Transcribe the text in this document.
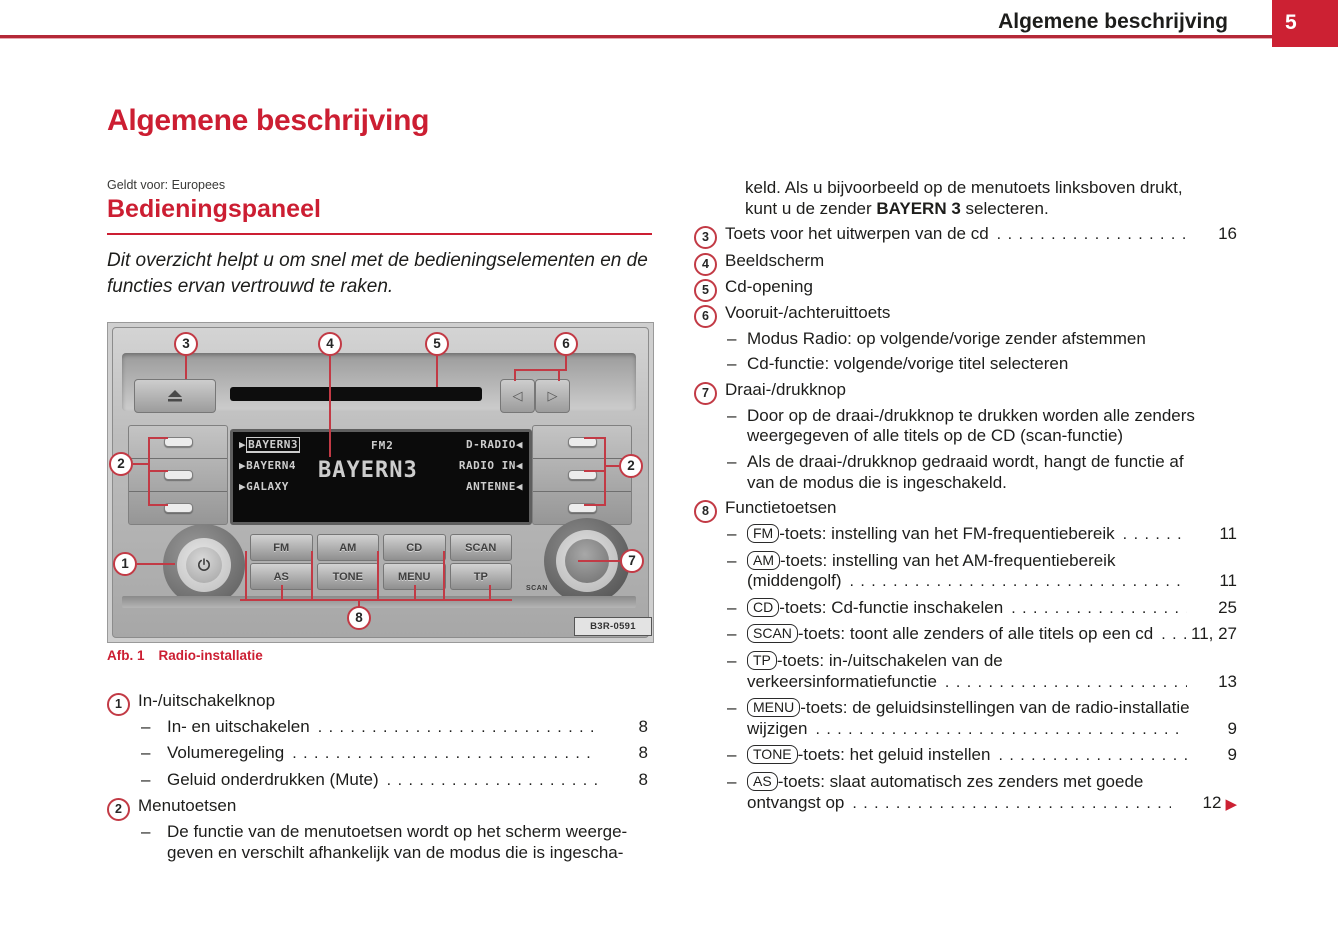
Algemene beschrijving	5
Algemene beschrijving
Geldt voor: Europees
Bedieningspaneel
Dit overzicht helpt u om snel met de bedieningselementen en de functies ervan vertrouwd te raken.
◁ ▷
▶ BAYERN3
▶BAYERN4
▶GALAXY
FM2
BAYERN3
D-RADIO◀
RADIO IN◀
ANTENNE◀
SCAN
FM	AM	CD	SCAN
AS	TONE	MENU	TP
B3R-0591
3	4	5	6
2	2
1	7
8
Afb. 1 Radio-installatie
1 In-/uitschakelknop
– In- en uitschakelen . . .	8
– Volumeregeling . . .	8
– Geluid onderdrukken (Mute) . . .	8
2 Menutoetsen
– De functie van de menutoetsen wordt op het scherm weerge-
geven en verschilt afhankelijk van de modus die is ingescha-
keld. Als u bijvoorbeeld op de menutoets linksboven drukt,
kunt u de zender BAYERN 3 selecteren.
3 Toets voor het uitwerpen van de cd . . .	16
4 Beeldscherm
5 Cd-opening
6 Vooruit-/achteruittoets
– Modus Radio: op volgende/vorige zender afstemmen
– Cd-functie: volgende/vorige titel selecteren
7 Draai-/drukknop
– Door op de draai-/drukknop te drukken worden alle zenders
weergegeven of alle titels op de CD (scan-functie)
– Als de draai-/drukknop gedraaid wordt, hangt de functie af
van de modus die is ingeschakeld.
8 Functietoetsen
–	FM -toets: instelling van het FM-frequentiebereik . . .	11
–	AM -toets: instelling van het AM-frequentiebereik
(middengolf) . . .	11
–	CD -toets: Cd-functie inschakelen . . .	25
–	SCAN -toets: toont alle zenders of alle titels op een cd . . . 11, 27
–	TP -toets: in-/uitschakelen van de
verkeersinformatiefunctie . . .	13
–	MENU -toets: de geluidsinstellingen van de radio-installatie
wijzigen . . .	9
–	TONE -toets: het geluid instellen . . .	9
–	AS -toets: slaat automatisch zes zenders met goede
ontvangst op . . .	12 ▶
